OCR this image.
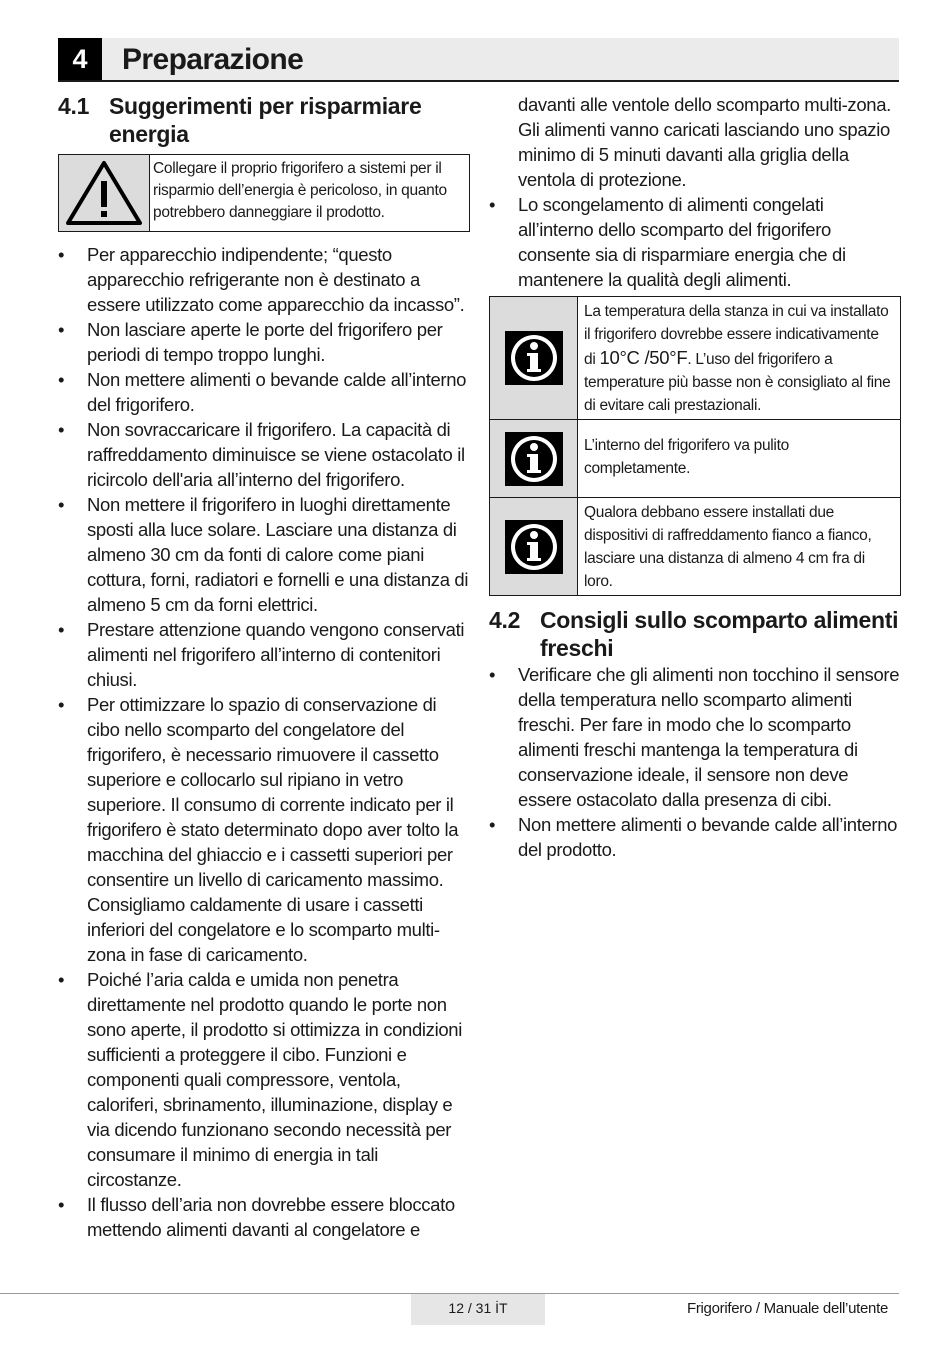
4	Preparazione
4.1 Suggerimenti per risparmiare energia
Collegare il proprio frigorifero a sistemi per il risparmio dell’energia è pericoloso, in quanto potrebbero danneggiare il prodotto.
• Per apparecchio indipendente; “questo apparecchio refrigerante non è destinato a essere utilizzato come apparecchio da incasso”.
• Non lasciare aperte le porte del frigorifero per periodi di tempo troppo lunghi.
• Non mettere alimenti o bevande calde all’interno del frigorifero.
• Non sovraccaricare il frigorifero. La capacità di raffreddamento diminuisce se viene ostacolato il ricircolo dell'aria all’interno del frigorifero.
• Non mettere il frigorifero in luoghi direttamente sposti alla luce solare. Lasciare una distanza di almeno 30 cm da fonti di calore come piani cottura, forni, radiatori e fornelli e una distanza di almeno 5 cm da forni elettrici.
• Prestare attenzione quando vengono conservati alimenti nel frigorifero all’interno di contenitori chiusi.
• Per ottimizzare lo spazio di conservazione di cibo nello scomparto del congelatore del frigorifero, è necessario rimuovere il cassetto superiore e collocarlo sul ripiano in vetro superiore. Il consumo di corrente indicato per il frigorifero è stato determinato dopo aver tolto la macchina del ghiaccio e i cassetti superiori per consentire un livello di caricamento massimo. Consigliamo caldamente di usare i cassetti inferiori del congelatore e lo scomparto multi-zona in fase di caricamento.
• Poiché l’aria calda e umida non penetra direttamente nel prodotto quando le porte non sono aperte, il prodotto si ottimizza in condizioni sufficienti a proteggere il cibo. Funzioni e componenti quali compressore, ventola, caloriferi, sbrinamento, illuminazione, display e via dicendo funzionano secondo necessità per consumare il minimo di energia in tali circostanze.
• Il flusso dell’aria non dovrebbe essere bloccato mettendo alimenti davanti al congelatore e
davanti alle ventole dello scomparto multi-zona. Gli alimenti vanno caricati lasciando uno spazio minimo di 5 minuti davanti alla griglia della ventola di protezione.
• Lo scongelamento di alimenti congelati all’interno dello scomparto del frigorifero consente sia di risparmiare energia che di mantenere la qualità degli alimenti.
La temperatura della stanza in cui va installato il frigorifero dovrebbe essere indicativamente di 10°C /50°F. L’uso del frigorifero a temperature più basse non è consigliato al fine di evitare cali prestazionali.
L’interno del frigorifero va pulito completamente.
Qualora debbano essere installati due dispositivi di raffreddamento fianco a fianco, lasciare una distanza di almeno 4 cm fra di loro.
4.2 Consigli sullo scomparto alimenti freschi
• Verificare che gli alimenti non tocchino il sensore della temperatura nello scomparto alimenti freschi. Per fare in modo che lo scomparto alimenti freschi mantenga la temperatura di conservazione ideale, il sensore non deve essere ostacolato dalla presenza di cibi.
• Non mettere alimenti o bevande calde all’interno del prodotto.
12 / 31 İT	Frigorifero / Manuale dell’utente
